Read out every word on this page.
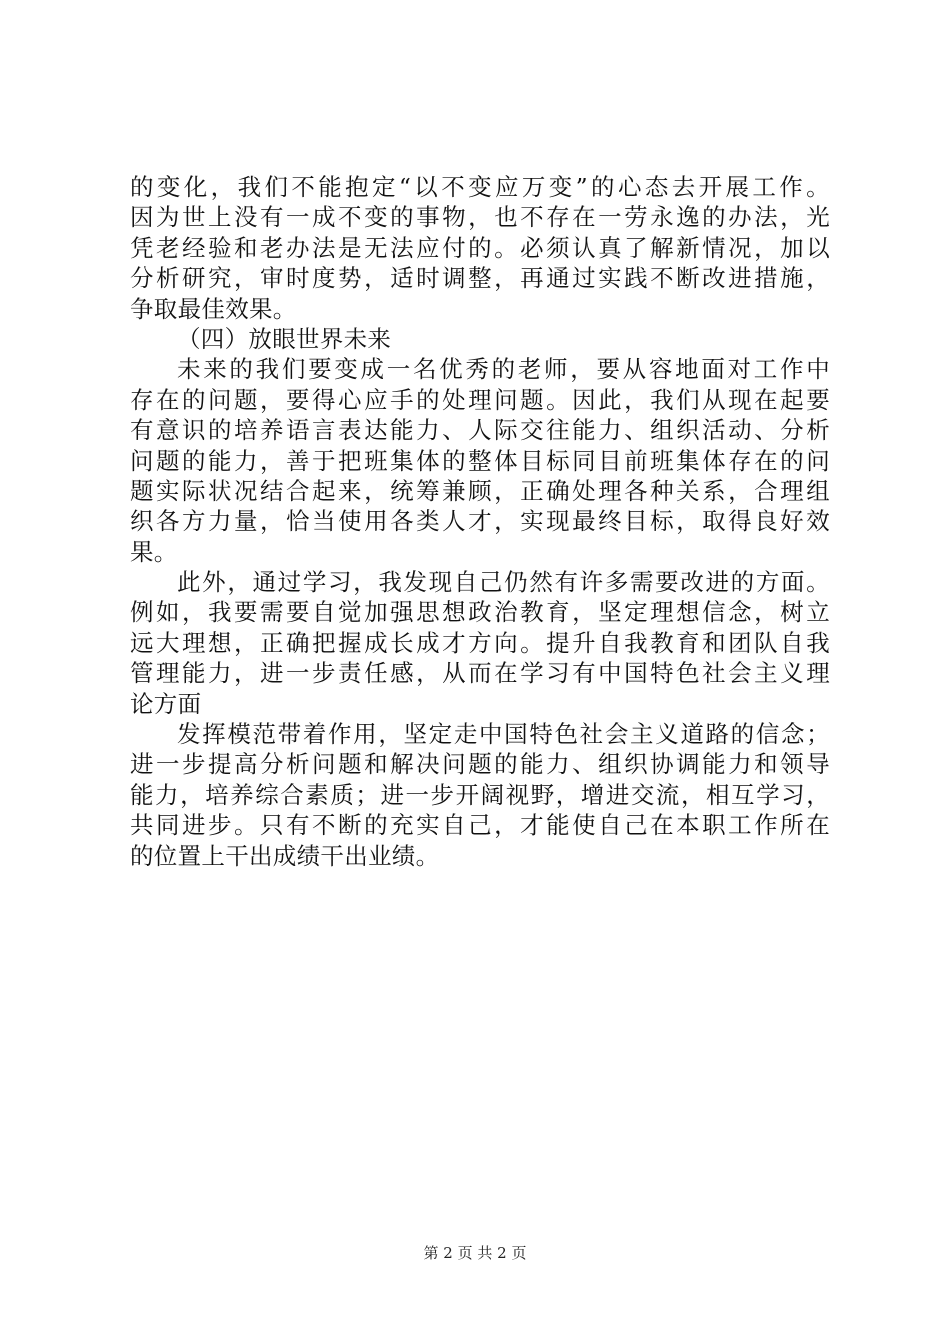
的变化，我们不能抱定“以不变应万变”的心态去开展工作。
因为世上没有一成不变的事物，也不存在一劳永逸的办法，光
凭老经验和老办法是无法应付的。必须认真了解新情况，加以
分析研究，审时度势，适时调整，再通过实践不断改进措施，
争取最佳效果。
（四）放眼世界未来
未来的我们要变成一名优秀的老师，要从容地面对工作中
存在的问题，要得心应手的处理问题。因此，我们从现在起要
有意识的培养语言表达能力、人际交往能力、组织活动、分析
问题的能力，善于把班集体的整体目标同目前班集体存在的问
题实际状况结合起来，统筹兼顾，正确处理各种关系，合理组
织各方力量，恰当使用各类人才，实现最终目标，取得良好效
果。
此外，通过学习，我发现自己仍然有许多需要改进的方面。
例如，我要需要自觉加强思想政治教育，坚定理想信念，树立
远大理想，正确把握成长成才方向。提升自我教育和团队自我
管理能力，进一步责任感，从而在学习有中国特色社会主义理
论方面
发挥模范带着作用，坚定走中国特色社会主义道路的信念；
进一步提高分析问题和解决问题的能力、组织协调能力和领导
能力，培养综合素质；进一步开阔视野，增进交流，相互学习，
共同进步。只有不断的充实自己，才能使自己在本职工作所在
的位置上干出成绩干出业绩。
第 2 页 共 2 页
